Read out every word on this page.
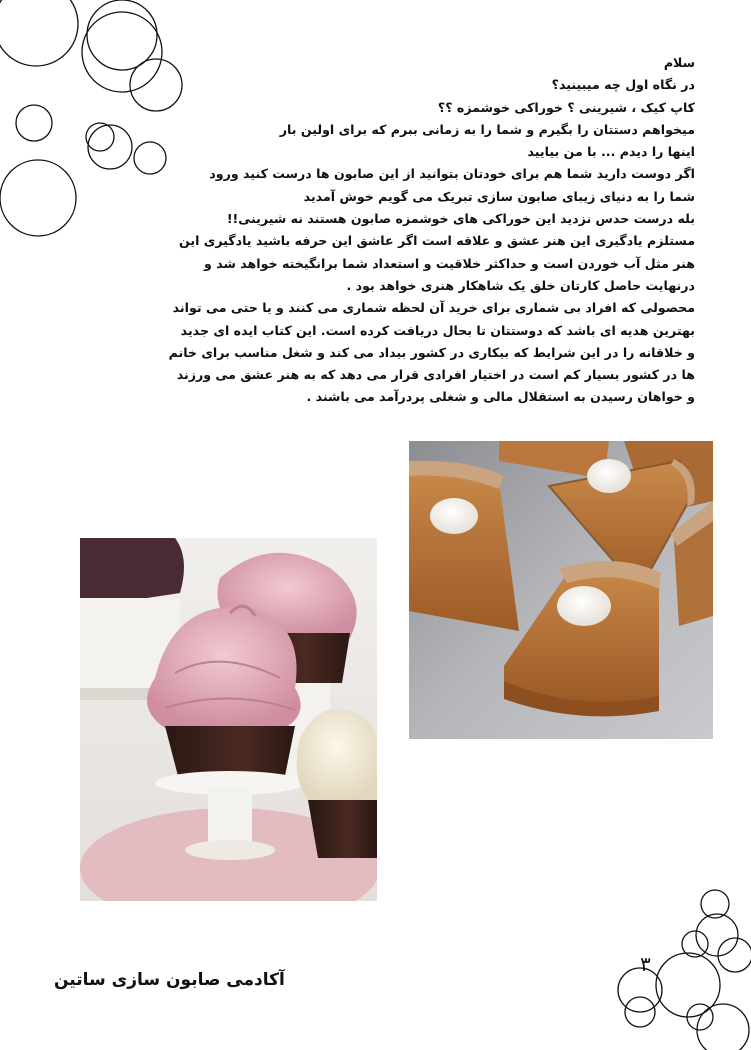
سلام
در نگاه اول چه میبینید؟
کاپ کیک ، شیرینی ؟ خوراکی خوشمزه ؟؟
میخواهم دستتان را بگیرم و شما را به زمانی ببرم که برای اولین بار
اینها را دیدم ... با من بیایید
اگر دوست دارید شما هم برای خودتان بتوانید از این صابون ها درست کنید ورود
شما را به دنیای زیبای صابون سازی تبریک می گویم خوش آمدید
بله درست حدس نزدید این خوراکی های خوشمزه صابون هستند نه شیرینی!!
مستلزم یادگیری این هنر عشق و علاقه است اگر عاشق این حرفه باشید یادگیری این
هنر مثل آب خوردن است و حداکثر خلاقیت و استعداد شما برانگیخته خواهد شد و
درنهایت حاصل کارتان خلق یک شاهکار هنری خواهد بود .
محصولی که افراد بی شماری برای خرید آن لحظه شماری می کنند و یا حتی می تواند
بهترین هدیه ای باشد که دوستتان تا بحال دریافت کرده است. این کتاب ایده ای جدید
و خلاقانه را در این شرایط که بیکاری در کشور بیداد می کند و شغل مناسب برای خانم
ها در کشور بسیار کم است در اختیار افرادی قرار می دهد که به هنر عشق می ورزند
و خواهان رسیدن به استقلال مالی و شغلی پردرآمد می باشند .
آکادمی صابون سازی ساتین
۳
